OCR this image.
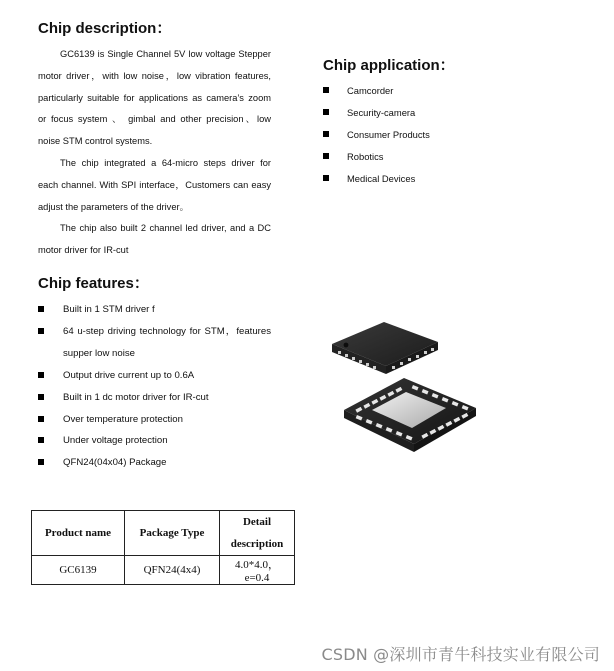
Chip description：

GC6139 is Single Channel 5V low voltage Stepper motor driver，with low noise，low vibration features, particularly suitable for applications as camera’s zoom or focus system 、 gimbal and other precision、low noise STM control systems.

The chip integrated a 64-micro steps driver for each channel. With SPI interface，Customers can easy adjust the parameters of the driver。

The chip also built 2 channel led driver, and a DC motor driver for IR-cut

Chip features：
Built in 1 STM driver f
64 u-step driving technology for STM，features supper low noise
Output drive current up to 0.6A
Built in 1 dc motor driver for IR-cut
Over temperature protection
Under voltage protection
QFN24(04x04) Package
Chip application：
Camcorder
Security-camera
Consumer Products
Robotics
Medical Devices
Product name	Package Type	Detail
description

GC6139	QFN24(4x4)	4.0*4.0，e=0.4
CSDN @深圳市青牛科技实业有限公司
